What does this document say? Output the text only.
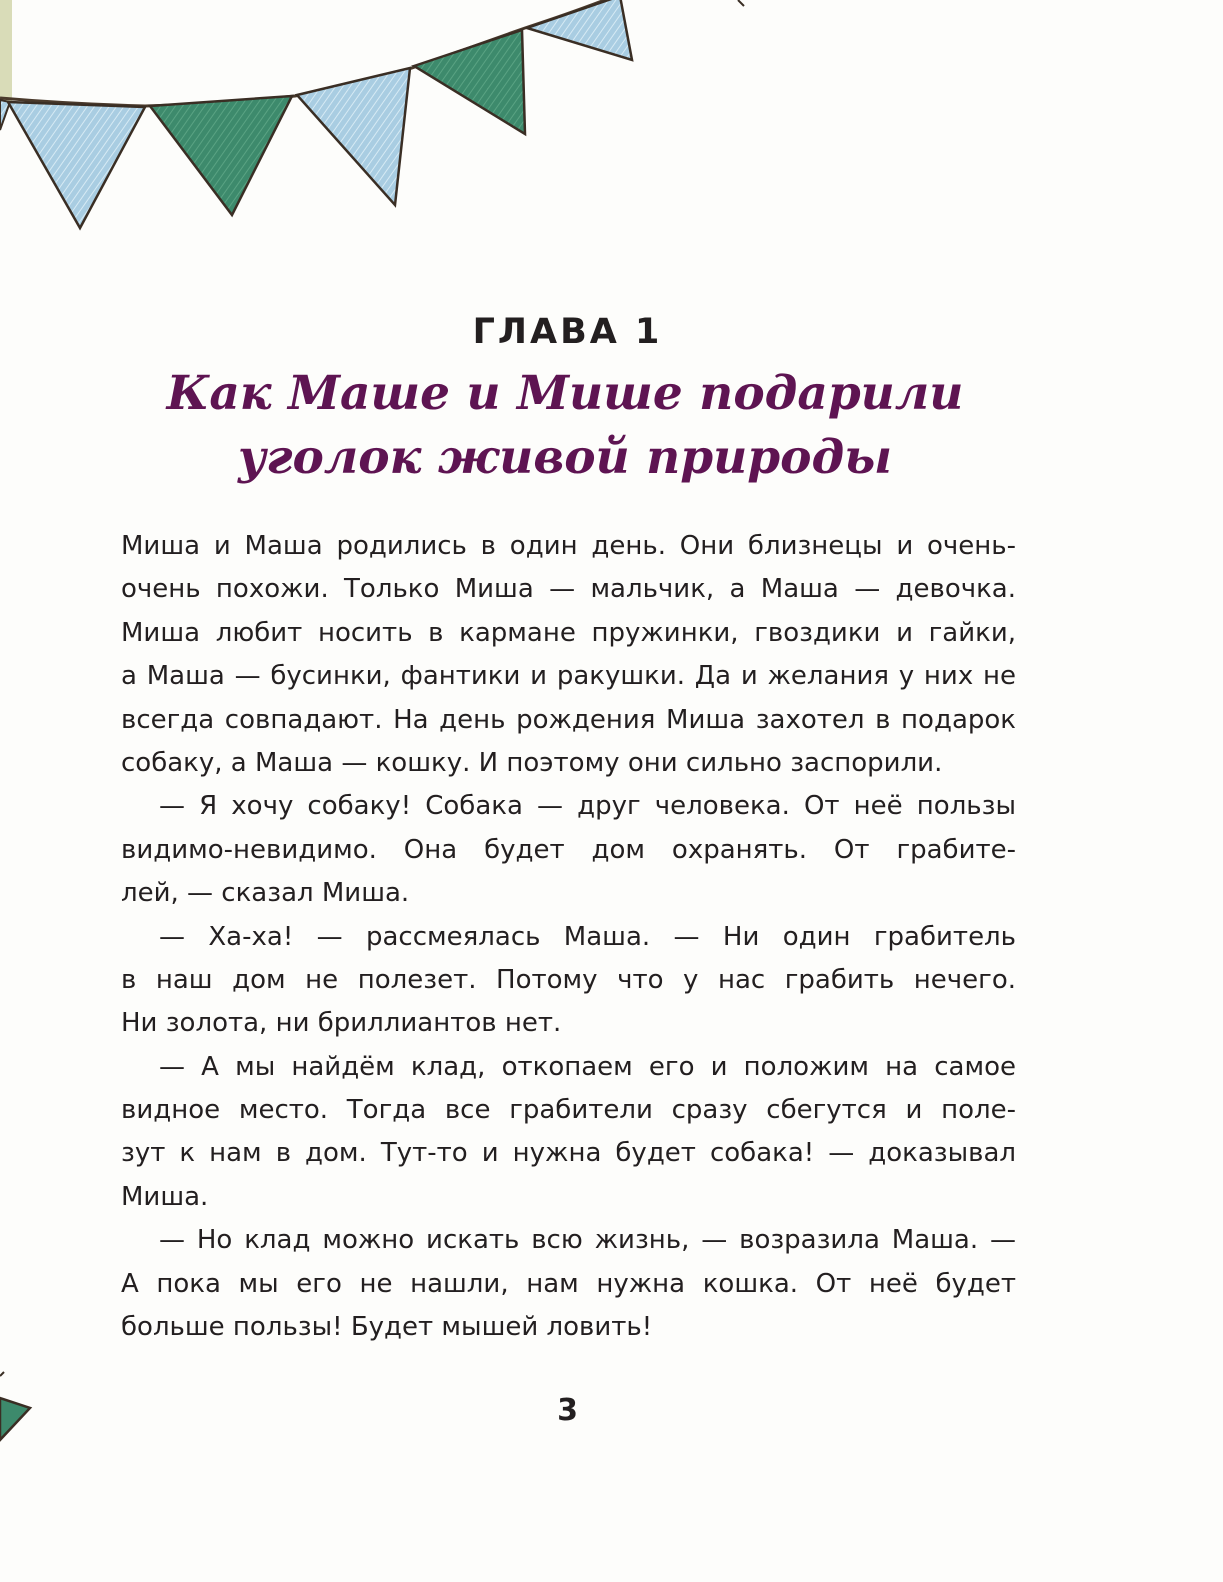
ГЛАВА 1
Как Маше и Мише подарили
уголок живой природы
Миша и Маша родились в один день. Они близнецы и очень-
очень похожи. Только Миша — мальчик, а Маша — девочка.
Миша любит носить в кармане пружинки, гвоздики и гайки,
а Маша — бусинки, фантики и ракушки. Да и желания у них не
всегда совпадают. На день рождения Миша захотел в подарок
собаку, а Маша — кошку. И поэтому они сильно заспорили.
— Я хочу собаку! Собака — друг человека. От неё пользы
видимо-невидимо. Она будет дом охранять. От грабите-
лей, — сказал Миша.
— Ха-ха! — рассмеялась Маша. — Ни один грабитель
в наш дом не полезет. Потому что у нас грабить нечего.
Ни золота, ни бриллиантов нет.
— А мы найдём клад, откопаем его и положим на самое
видное место. Тогда все грабители сразу сбегутся и поле-
зут к нам в дом. Тут-то и нужна будет собака! — доказывал
Миша.
— Но клад можно искать всю жизнь, — возразила Маша. —
А пока мы его не нашли, нам нужна кошка. От неё будет
больше пользы! Будет мышей ловить!
3
